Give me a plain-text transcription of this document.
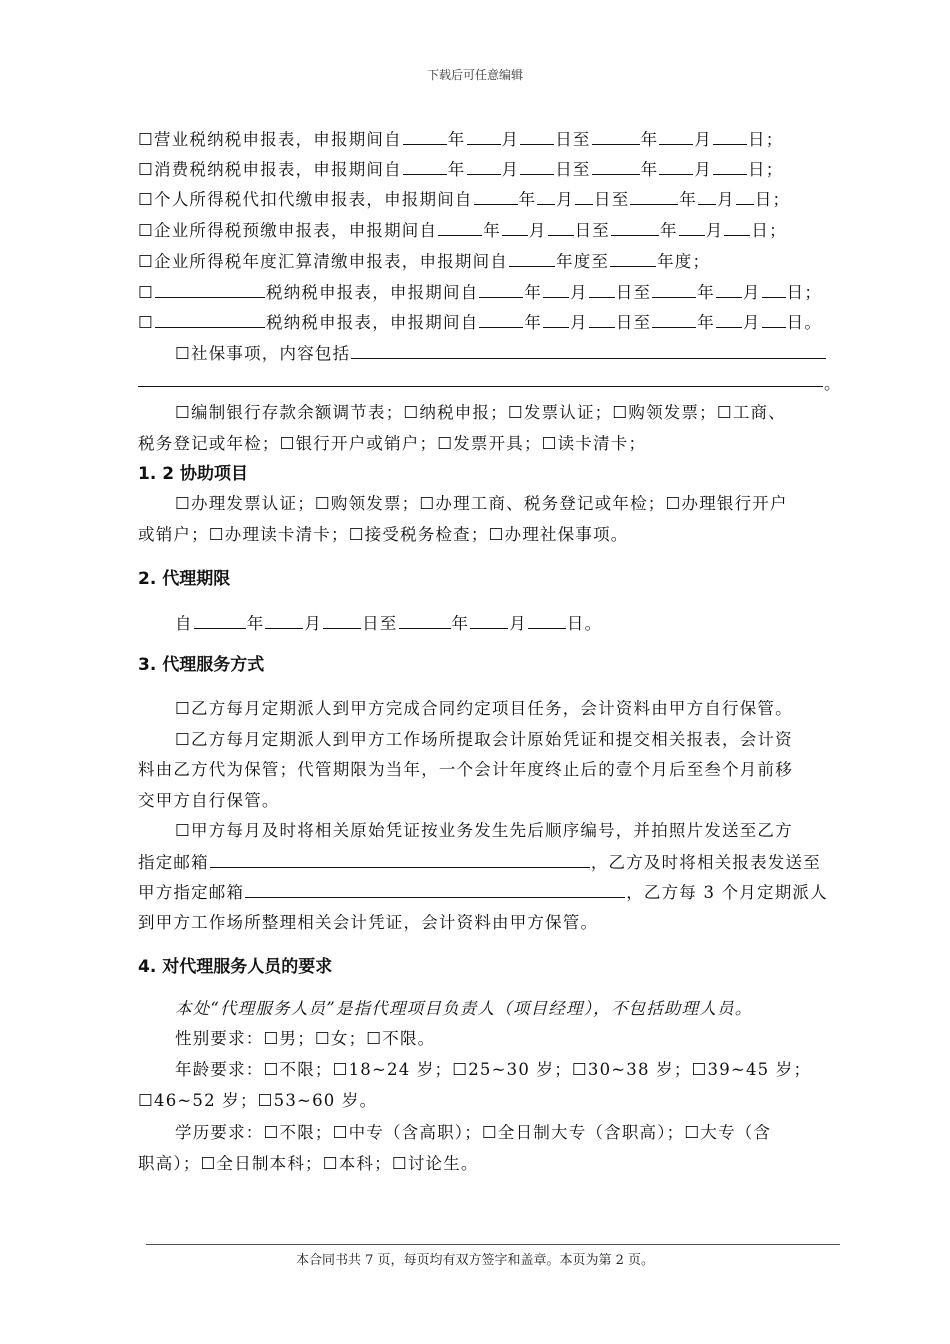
下载后可任意编辑
☐营业税纳税申报表，申报期间自	年 月 日至	年 月 日；
☐消费税纳税申报表，申报期间自	年 月 日至	年 月 日；
☐个人所得税代扣代缴申报表，申报期间自	年 月 日至	年 月 日；
☐企业所得税预缴申报表，申报期间自	年 月 日至	年 月 日；
☐企业所得税年度汇算清缴申报表，申报期间自	年度至	年度；
☐	税纳税申报表，申报期间自	年 月 日至	年 月 日；
☐	税纳税申报表，申报期间自	年 月 日至	年 月 日。
☐社保事项，内容包括
。
☐编制银行存款余额调节表；☐纳税申报；☐发票认证；☐购领发票；☐工商、
税务登记或年检；☐银行开户或销户；☐发票开具；☐读卡清卡；
1. 2 协助项目
☐办理发票认证；☐购领发票；☐办理工商、税务登记或年检；☐办理银行开户
或销户；☐办理读卡清卡；☐接受税务检查；☐办理社保事项。
2. 代理期限
自	年 月 日至	年 月 日。
3. 代理服务方式
☐乙方每月定期派人到甲方完成合同约定项目任务，会计资料由甲方自行保管。
☐乙方每月定期派人到甲方工作场所提取会计原始凭证和提交相关报表，会计资
料由乙方代为保管；代管期限为当年，一个会计年度终止后的壹个月后至叁个月前移
交甲方自行保管。
☐甲方每月及时将相关原始凭证按业务发生先后顺序编号，并拍照片发送至乙方
指定邮箱	，乙方及时将相关报表发送至
甲方指定邮箱	，乙方每 3 个月定期派人
到甲方工作场所整理相关会计凭证，会计资料由甲方保管。
4. 对代理服务人员的要求
本处“代理服务人员”是指代理项目负责人（项目经理），不包括助理人员。
性别要求：☐男；☐女；☐不限。
年龄要求：☐不限；☐18~24 岁；☐25~30 岁；☐30~38 岁；☐39~45 岁；
☐46~52 岁；☐53~60 岁。
学历要求：☐不限；☐中专（含高职）；☐全日制大专（含职高）；☐大专（含
职高）；☐全日制本科；☐本科；☐讨论生。
本合同书共 7 页，每页均有双方签字和盖章。本页为第 2 页。
